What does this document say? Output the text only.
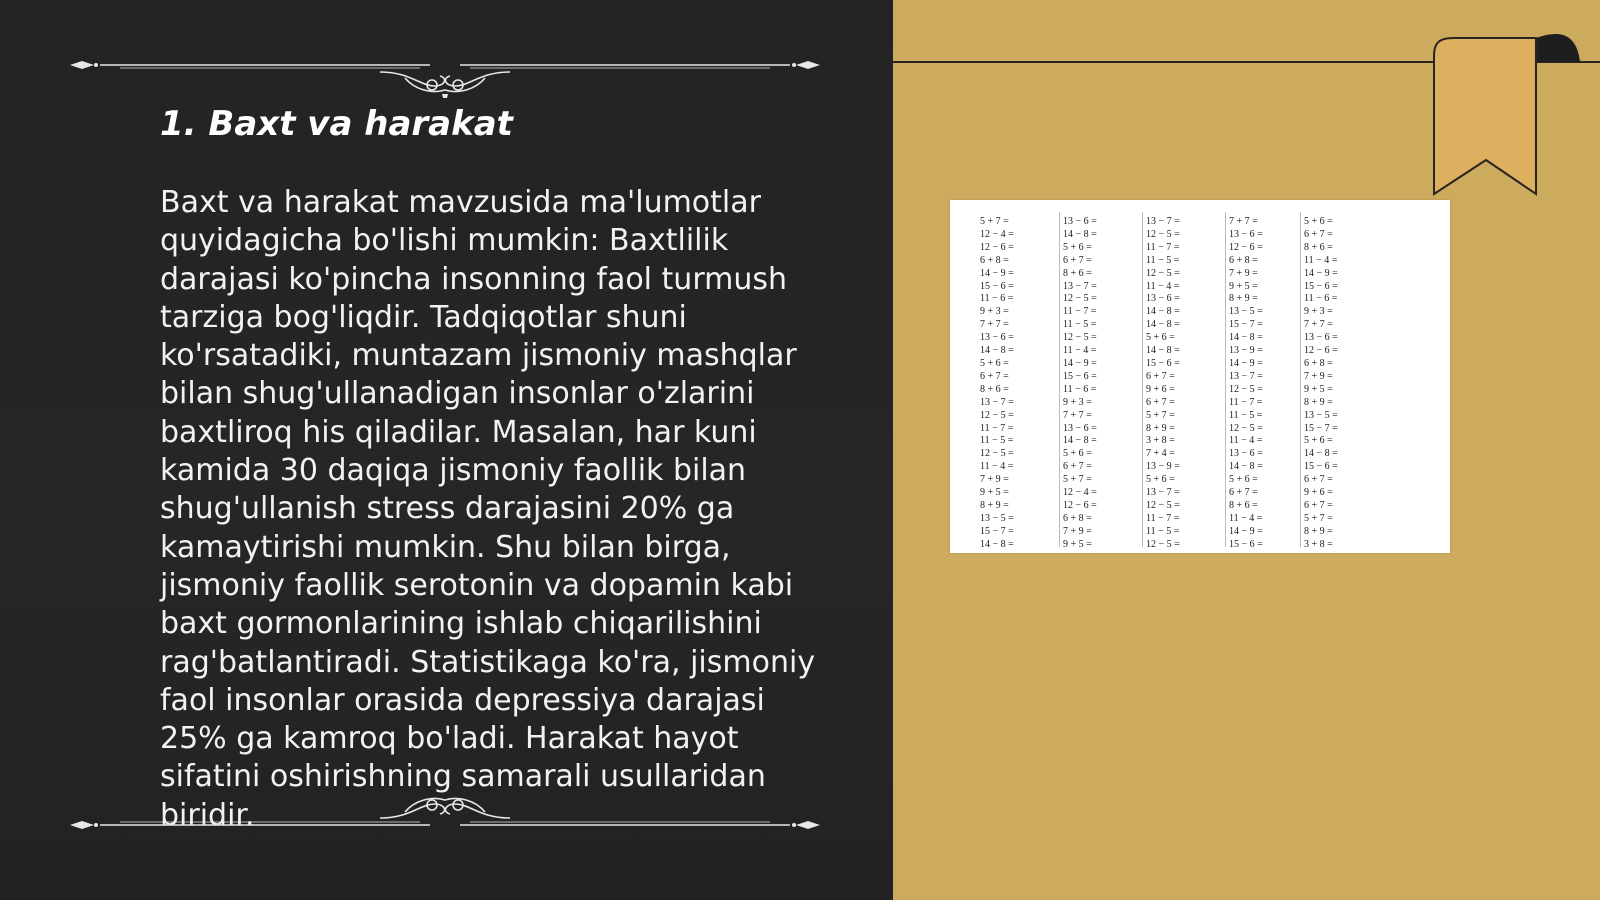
1. Baxt va harakat

Baxt va harakat mavzusida ma'lumotlar quyidagicha bo'lishi mumkin: Baxtlilik darajasi ko'pincha insonning faol turmush tarziga bog'liqdir. Tadqiqotlar shuni ko'rsatadiki, muntazam jismoniy mashqlar bilan shug'ullanadigan insonlar o'zlarini baxtliroq his qiladilar. Masalan, har kuni kamida 30 daqiqa jismoniy faollik bilan shug'ullanish stress darajasini 20% ga kamaytirishi mumkin. Shu bilan birga, jismoniy faollik serotonin va dopamin kabi baxt gormonlarining ishlab chiqarilishini rag'batlantiradi. Statistikaga ko'ra, jismoniy faol insonlar orasida depressiya darajasi 25% ga kamroq bo'ladi. Harakat hayot sifatini oshirishning samarali usullaridan biridir.

5 + 7 =
12 − 4 =
12 − 6 =
6 + 8 =
14 − 9 =
15 − 6 =
11 − 6 =
9 + 3 =
7 + 7 =
13 − 6 =
14 − 8 =
5 + 6 =
6 + 7 =
8 + 6 =
13 − 7 =
12 − 5 =
11 − 7 =
11 − 5 =
12 − 5 =
11 − 4 =
7 + 9 =
9 + 5 =
8 + 9 =
13 − 5 =
15 − 7 =
14 − 8 =
13 − 6 =
14 − 8 =
5 + 6 =
6 + 7 =
8 + 6 =
13 − 7 =
12 − 5 =
11 − 7 =
11 − 5 =
12 − 5 =
11 − 4 =
14 − 9 =
15 − 6 =
11 − 6 =
9 + 3 =
7 + 7 =
13 − 6 =
14 − 8 =
5 + 6 =
6 + 7 =
5 + 7 =
12 − 4 =
12 − 6 =
6 + 8 =
7 + 9 =
9 + 5 =
13 − 7 =
12 − 5 =
11 − 7 =
11 − 5 =
12 − 5 =
11 − 4 =
13 − 6 =
14 − 8 =
14 − 8 =
5 + 6 =
14 − 8 =
15 − 6 =
6 + 7 =
9 + 6 =
6 + 7 =
5 + 7 =
8 + 9 =
3 + 8 =
7 + 4 =
13 − 9 =
5 + 6 =
13 − 7 =
12 − 5 =
11 − 7 =
11 − 5 =
12 − 5 =
7 + 7 =
13 − 6 =
12 − 6 =
6 + 8 =
7 + 9 =
9 + 5 =
8 + 9 =
13 − 5 =
15 − 7 =
14 − 8 =
13 − 9 =
14 − 9 =
13 − 7 =
12 − 5 =
11 − 7 =
11 − 5 =
12 − 5 =
11 − 4 =
13 − 6 =
14 − 8 =
5 + 6 =
6 + 7 =
8 + 6 =
11 − 4 =
14 − 9 =
15 − 6 =
5 + 6 =
6 + 7 =
8 + 6 =
11 − 4 =
14 − 9 =
15 − 6 =
11 − 6 =
9 + 3 =
7 + 7 =
13 − 6 =
12 − 6 =
6 + 8 =
7 + 9 =
9 + 5 =
8 + 9 =
13 − 5 =
15 − 7 =
5 + 6 =
14 − 8 =
15 − 6 =
6 + 7 =
9 + 6 =
6 + 7 =
5 + 7 =
8 + 9 =
3 + 8 =
